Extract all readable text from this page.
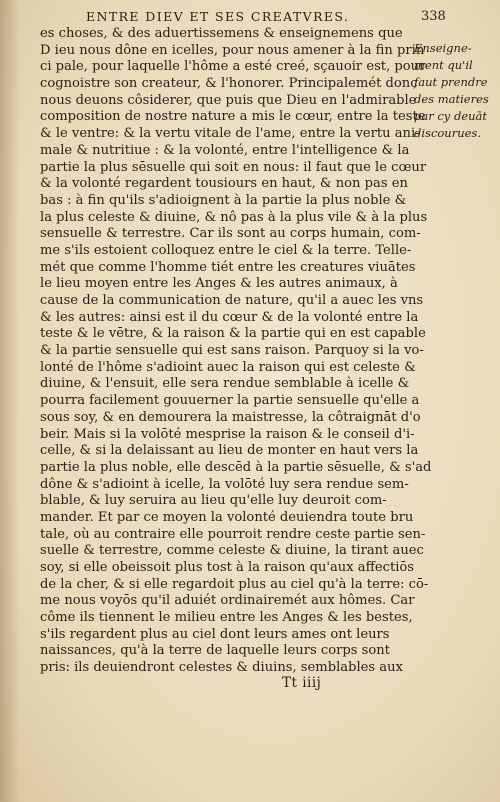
ENTRE DIEV ET SES CREATVRES.	338
es choses, & des aduertissemens & enseignemens que
D ieu nous dône en icelles, pour nous amener à la fin prin
ci pale, pour laquelle l'hôme a esté creé, sçauoir est, pour
cognoistre son createur, & l'honorer. Principalemét donc
nous deuons côsiderer, que puis que Dieu en l'admirable
composition de nostre nature a mis le cœur, entre la teste
& le ventre: & la vertu vitale de l'ame, entre la vertu ani-
male & nutritiue : & la volonté, entre l'intelligence & la
partie la plus sēsuelle qui soit en nous: il faut que le cœur
& la volonté regardent tousiours en haut, & non pas en
bas : à fin qu'ils s'adioignent à la partie la plus noble &
la plus celeste & diuine, & nô pas à la plus vile & à la plus
sensuelle & terrestre. Car ils sont au corps humain, com-
me s'ils estoient colloquez entre le ciel & la terre. Telle-
mét que comme l'homme tiét entre les creatures viuātes
le lieu moyen entre les Anges & les autres animaux, à
cause de la communication de nature, qu'il a auec les vns
& les autres: ainsi est il du cœur & de la volonté entre la
teste & le vētre, & la raison & la partie qui en est capable
& la partie sensuelle qui est sans raison. Parquoy si la vo-
lonté de l'hôme s'adioint auec la raison qui est celeste &
diuine, & l'ensuit, elle sera rendue semblable à icelle &
pourra facilement gouuerner la partie sensuelle qu'elle a
sous soy, & en demourera la maistresse, la côtraignāt d'o
beir. Mais si la volōté mesprise la raison & le conseil d'i-
celle, & si la delaissant au lieu de monter en haut vers la
partie la plus noble, elle descēd à la partie sēsuelle, & s'ad
dône & s'adioint à icelle, la volōté luy sera rendue sem-
blable, & luy seruira au lieu qu'elle luy deuroit com-
mander. Et par ce moyen la volonté deuiendra toute bru
tale, où au contraire elle pourroit rendre ceste partie sen-
suelle & terrestre, comme celeste & diuine, la tirant auec
soy, si elle obeissoit plus tost à la raison qu'aux affectiōs
de la cher, & si elle regardoit plus au ciel qu'à la terre: cō-
me nous voyōs qu'il aduiét ordinairemét aux hômes. Car
côme ils tiennent le milieu entre les Anges & les bestes,
s'ils regardent plus au ciel dont leurs ames ont leurs
naissances, qu'à la terre de laquelle leurs corps sont
pris: ils deuiendront celestes & diuins, semblables aux
Enseigne-
ment qu'il
faut prendre
des matieres
par cy deuāt
discourues.
Tt iiij
